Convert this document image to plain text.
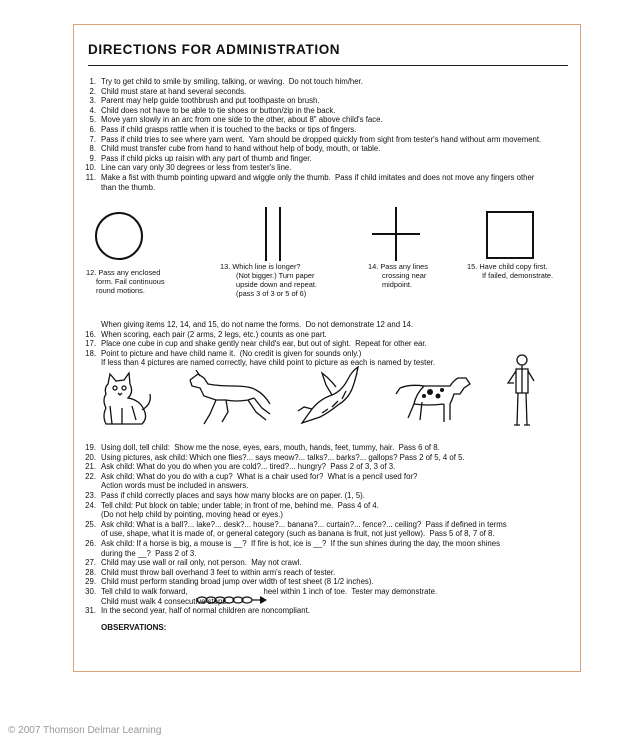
DIRECTIONS FOR ADMINISTRATION
1. Try to get child to smile by smiling, talking, or waving.  Do not touch him/her.
2. Child must stare at hand several seconds.
3. Parent may help guide toothbrush and put toothpaste on brush.
4. Child does not have to be able to tie shoes or button/zip in the back.
5. Move yarn slowly in an arc from one side to the other, about 8" above child's face.
6. Pass if child grasps rattle when it is touched to the backs or tips of fingers.
7. Pass if child tries to see where yarn went.  Yarn should be dropped quickly from sight from tester's hand without arm movement.
8. Child must transfer cube from hand to hand without help of body, mouth, or table.
9. Pass if child picks up raisin with any part of thumb and finger.
10. Line can vary only 30 degrees or less from tester's line.
11. Make a fist with thumb pointing upward and wiggle only the thumb.  Pass if child imitates and does not move any fingers other
than the thumb.
12. Pass any enclosed
form. Fail continuous
round motions.
13. Which line is longer?
(Not bigger.) Turn paper
upside down and repeat.
(pass 3 of 3 or 5 of 6)
14. Pass any lines
crossing near
midpoint.
15. Have child copy first.
If failed, demonstrate.
When giving items 12, 14, and 15, do not name the forms.  Do not demonstrate 12 and 14.
16. When scoring, each pair (2 arms, 2 legs, etc.) counts as one part.
17. Place one cube in cup and shake gently near child's ear, but out of sight.  Repeat for other ear.
18. Point to picture and have child name it.  (No credit is given for sounds only.)
If less than 4 pictures are named correctly, have child point to picture as each is named by tester.
19. Using doll, tell child:  Show me the nose, eyes, ears, mouth, hands, feet, tummy, hair.  Pass 6 of 8.
20. Using pictures, ask child: Which one flies?... says meow?... talks?... barks?... gallops? Pass 2 of 5, 4 of 5.
21. Ask child: What do you do when you are cold?... tired?... hungry?  Pass 2 of 3, 3 of 3.
22. Ask child: What do you do with a cup?  What is a chair used for?  What is a pencil used for?
Action words must be included in answers.
23. Pass if child correctly places and says how many blocks are on paper. (1, 5).
24. Tell child: Put block on table; under table; in front of me, behind me.  Pass 4 of 4.
(Do not help child by pointing, moving head or eyes.)
25. Ask child: What is a ball?... lake?... desk?... house?... banana?... curtain?... fence?... ceiling?  Pass if defined in terms
of use, shape, what it is made of, or general category (such as banana is fruit, not just yellow).  Pass 5 of 8, 7 of 8.
26. Ask child: If a horse is big, a mouse is __?  If fire is hot, ice is __?  If the sun shines during the day, the moon shines
during the __?  Pass 2 of 3.
27. Child may use wall or rail only, not person.  May not crawl.
28. Child must throw ball overhand 3 feet to within arm's reach of tester.
29. Child must perform standing broad jump over width of test sheet (8 1/2 inches).
30. Tell child to walk forward,                                   heel within 1 inch of toe.  Tester may demonstrate.
Child must walk 4 consecutive steps.
31. In the second year, half of normal children are noncompliant.
OBSERVATIONS:
© 2007 Thomson Delmar Learning
